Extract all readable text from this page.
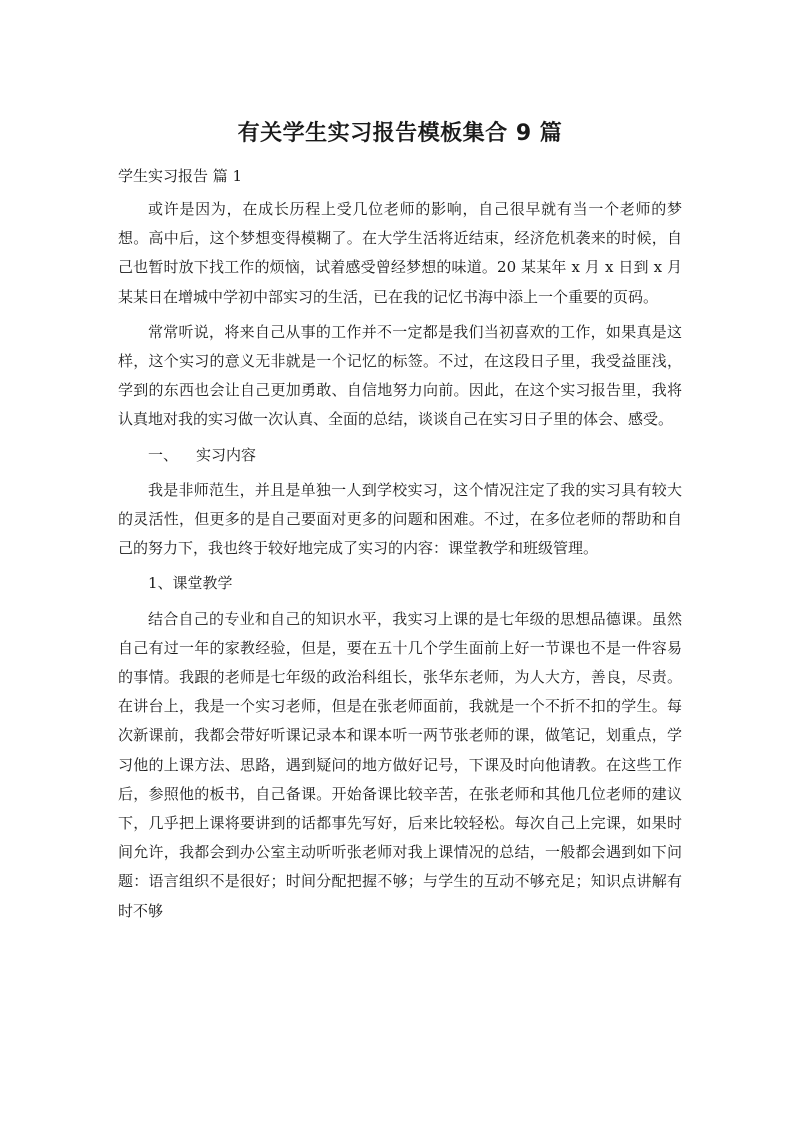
有关学生实习报告模板集合 9 篇

学生实习报告 篇 1

或许是因为，在成长历程上受几位老师的影响，自己很早就有当一个老师的梦想。高中后，这个梦想变得模糊了。在大学生活将近结束，经济危机袭来的时候，自己也暂时放下找工作的烦恼，试着感受曾经梦想的味道。20 某某年 x 月 x 日到 x 月某某日在增城中学初中部实习的生活，已在我的记忆书海中添上一个重要的页码。

常常听说，将来自己从事的工作并不一定都是我们当初喜欢的工作，如果真是这样，这个实习的意义无非就是一个记忆的标签。不过，在这段日子里，我受益匪浅，学到的东西也会让自己更加勇敢、自信地努力向前。因此，在这个实习报告里，我将认真地对我的实习做一次认真、全面的总结，谈谈自己在实习日子里的体会、感受。

一、 实习内容

我是非师范生，并且是单独一人到学校实习，这个情况注定了我的实习具有较大的灵活性，但更多的是自己要面对更多的问题和困难。不过，在多位老师的帮助和自己的努力下，我也终于较好地完成了实习的内容：课堂教学和班级管理。

1、课堂教学

结合自己的专业和自己的知识水平，我实习上课的是七年级的思想品德课。虽然自己有过一年的家教经验，但是，要在五十几个学生面前上好一节课也不是一件容易的事情。我跟的老师是七年级的政治科组长，张华东老师，为人大方，善良，尽责。在讲台上，我是一个实习老师，但是在张老师面前，我就是一个不折不扣的学生。每次新课前，我都会带好听课记录本和课本听一两节张老师的课，做笔记，划重点，学习他的上课方法、思路，遇到疑问的地方做好记号，下课及时向他请教。在这些工作后，参照他的板书，自己备课。开始备课比较辛苦，在张老师和其他几位老师的建议下，几乎把上课将要讲到的话都事先写好，后来比较轻松。每次自己上完课，如果时间允许，我都会到办公室主动听听张老师对我上课情况的总结，一般都会遇到如下问题：语言组织不是很好；时间分配把握不够；与学生的互动不够充足；知识点讲解有时不够
